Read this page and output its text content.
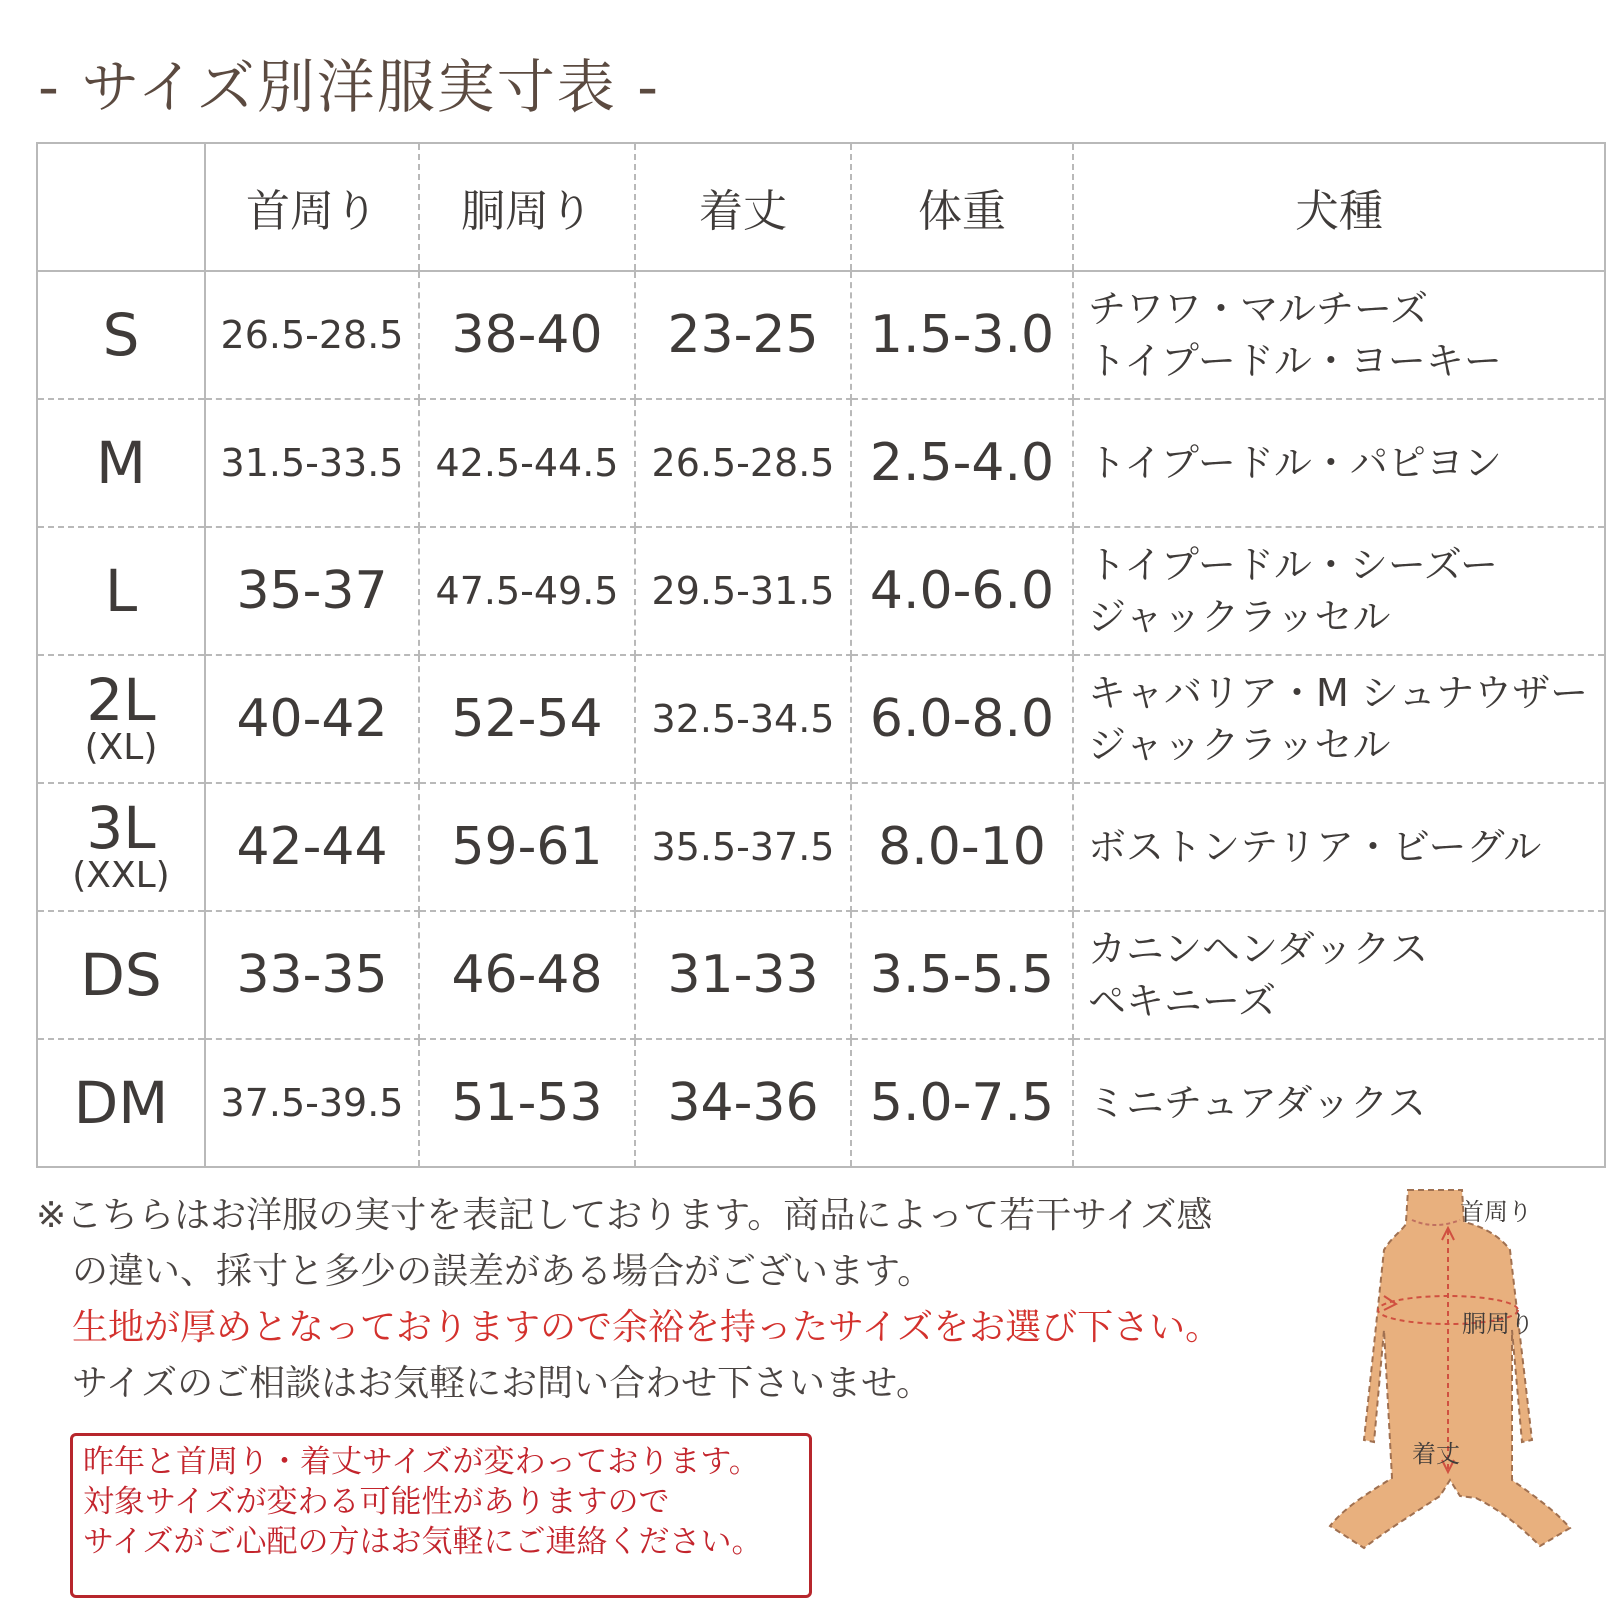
- サイズ別洋服実寸表 -
	首周り	胴周り	着丈	体重	犬種

S	26.5-28.5	38-40	23-25	1.5-3.0	チワワ・マルチーズ
トイプードル・ヨーキー

M	31.5-33.5	42.5-44.5	26.5-28.5	2.5-4.0	トイプードル・パピヨン

L	35-37	47.5-49.5	29.5-31.5	4.0-6.0	トイプードル・シーズー
ジャックラッセル

2L
(XL)	40-42	52-54	32.5-34.5	6.0-8.0	キャバリア・M シュナウザー
ジャックラッセル

3L
(XXL)	42-44	59-61	35.5-37.5	8.0-10	ボストンテリア・ビーグル

DS	33-35	46-48	31-33	3.5-5.5	カニンヘンダックス
ペキニーズ

DM	37.5-39.5	51-53	34-36	5.0-7.5	ミニチュアダックス

※こちらはお洋服の実寸を表記しております。商品によって若干サイズ感

の違い、採寸と多少の誤差がある場合がございます。

生地が厚めとなっておりますので余裕を持ったサイズをお選び下さい。

サイズのご相談はお気軽にお問い合わせ下さいませ。

昨年と首周り・着丈サイズが変わっております。

対象サイズが変わる可能性がありますので

サイズがご心配の方はお気軽にご連絡ください。

首周り
胴周り
着丈
